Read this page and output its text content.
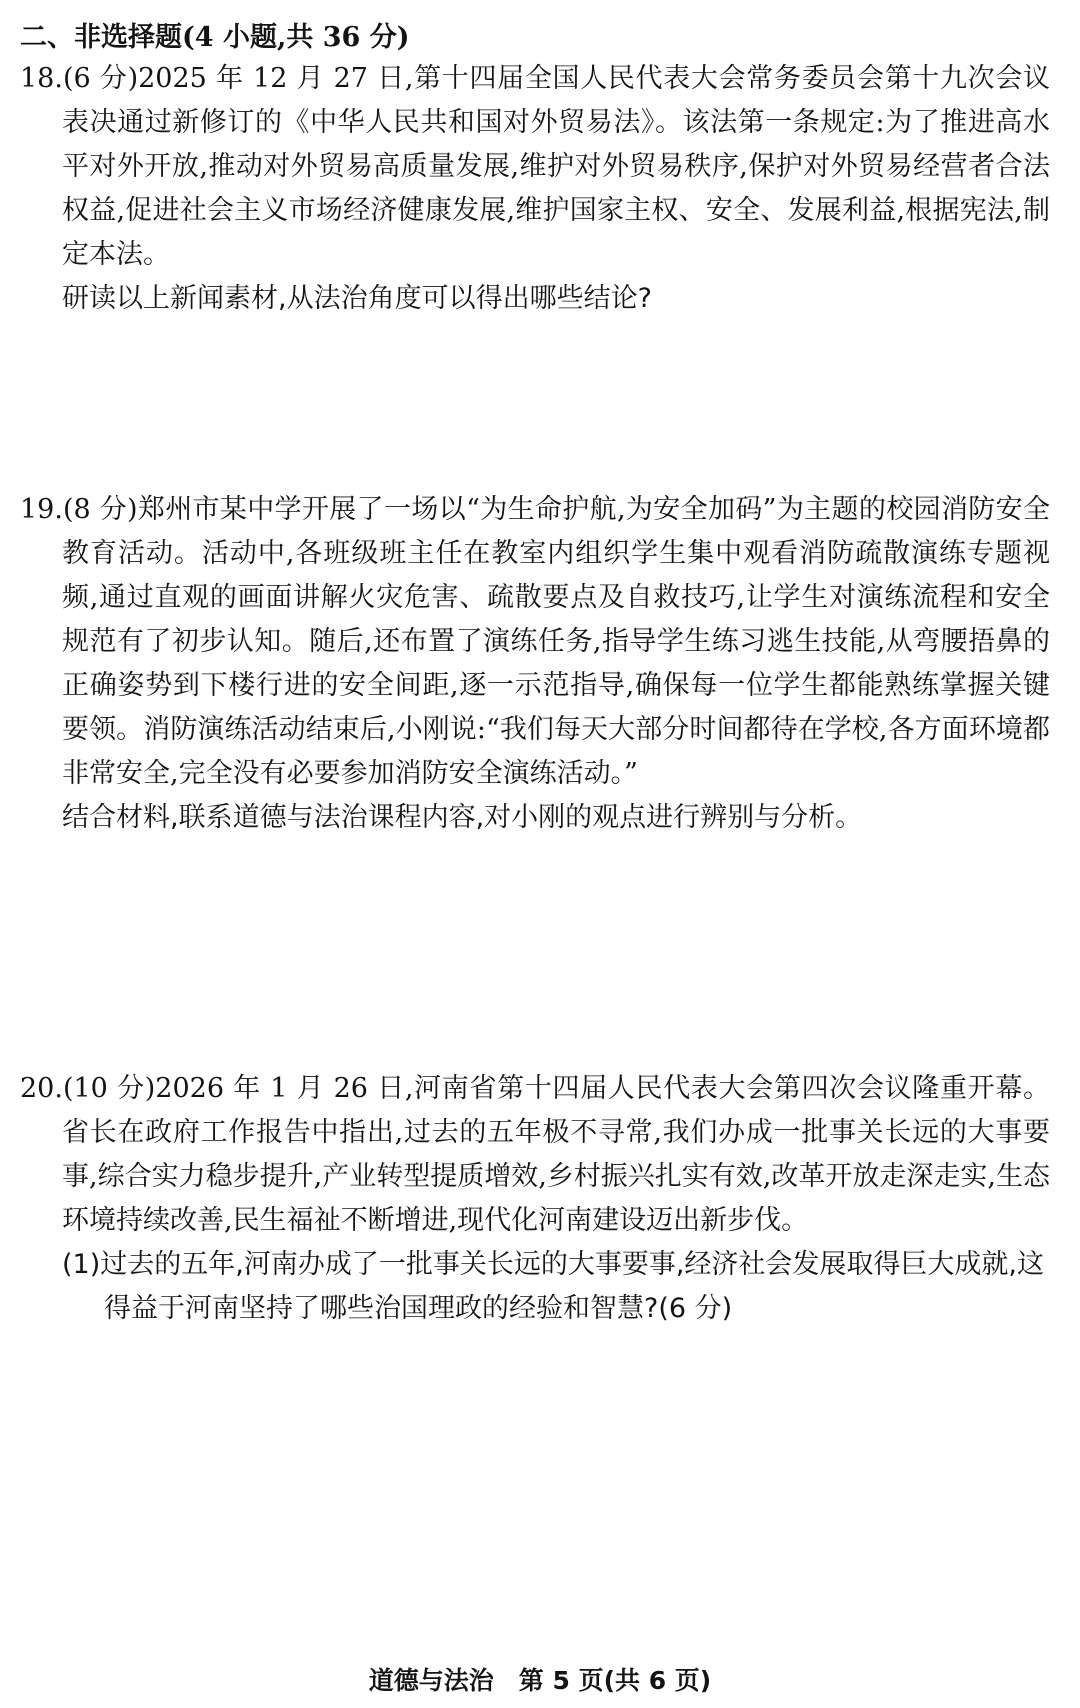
二、非选择题(4 小题,共 36 分)

18.(6 分)2025 年 12 月 27 日,第十四届全国人民代表大会常务委员会第十九次会议表决通过新修订的《中华人民共和国对外贸易法》。该法第一条规定:为了推进高水平对外开放,推动对外贸易高质量发展,维护对外贸易秩序,保护对外贸易经营者合法权益,促进社会主义市场经济健康发展,维护国家主权、安全、发展利益,根据宪法,制定本法。

研读以上新闻素材,从法治角度可以得出哪些结论?

19.(8 分)郑州市某中学开展了一场以“为生命护航,为安全加码”为主题的校园消防安全教育活动。活动中,各班级班主任在教室内组织学生集中观看消防疏散演练专题视频,通过直观的画面讲解火灾危害、疏散要点及自救技巧,让学生对演练流程和安全规范有了初步认知。随后,还布置了演练任务,指导学生练习逃生技能,从弯腰捂鼻的正确姿势到下楼行进的安全间距,逐一示范指导,确保每一位学生都能熟练掌握关键要领。消防演练活动结束后,小刚说:“我们每天大部分时间都待在学校,各方面环境都非常安全,完全没有必要参加消防安全演练活动。”

结合材料,联系道德与法治课程内容,对小刚的观点进行辨别与分析。

20.(10 分)2026 年 1 月 26 日,河南省第十四届人民代表大会第四次会议隆重开幕。省长在政府工作报告中指出,过去的五年极不寻常,我们办成一批事关长远的大事要事,综合实力稳步提升,产业转型提质增效,乡村振兴扎实有效,改革开放走深走实,生态环境持续改善,民生福祉不断增进,现代化河南建设迈出新步伐。

(1)过去的五年,河南办成了一批事关长远的大事要事,经济社会发展取得巨大成就,这得益于河南坚持了哪些治国理政的经验和智慧?(6 分)

道德与法治　第 5 页(共 6 页)
